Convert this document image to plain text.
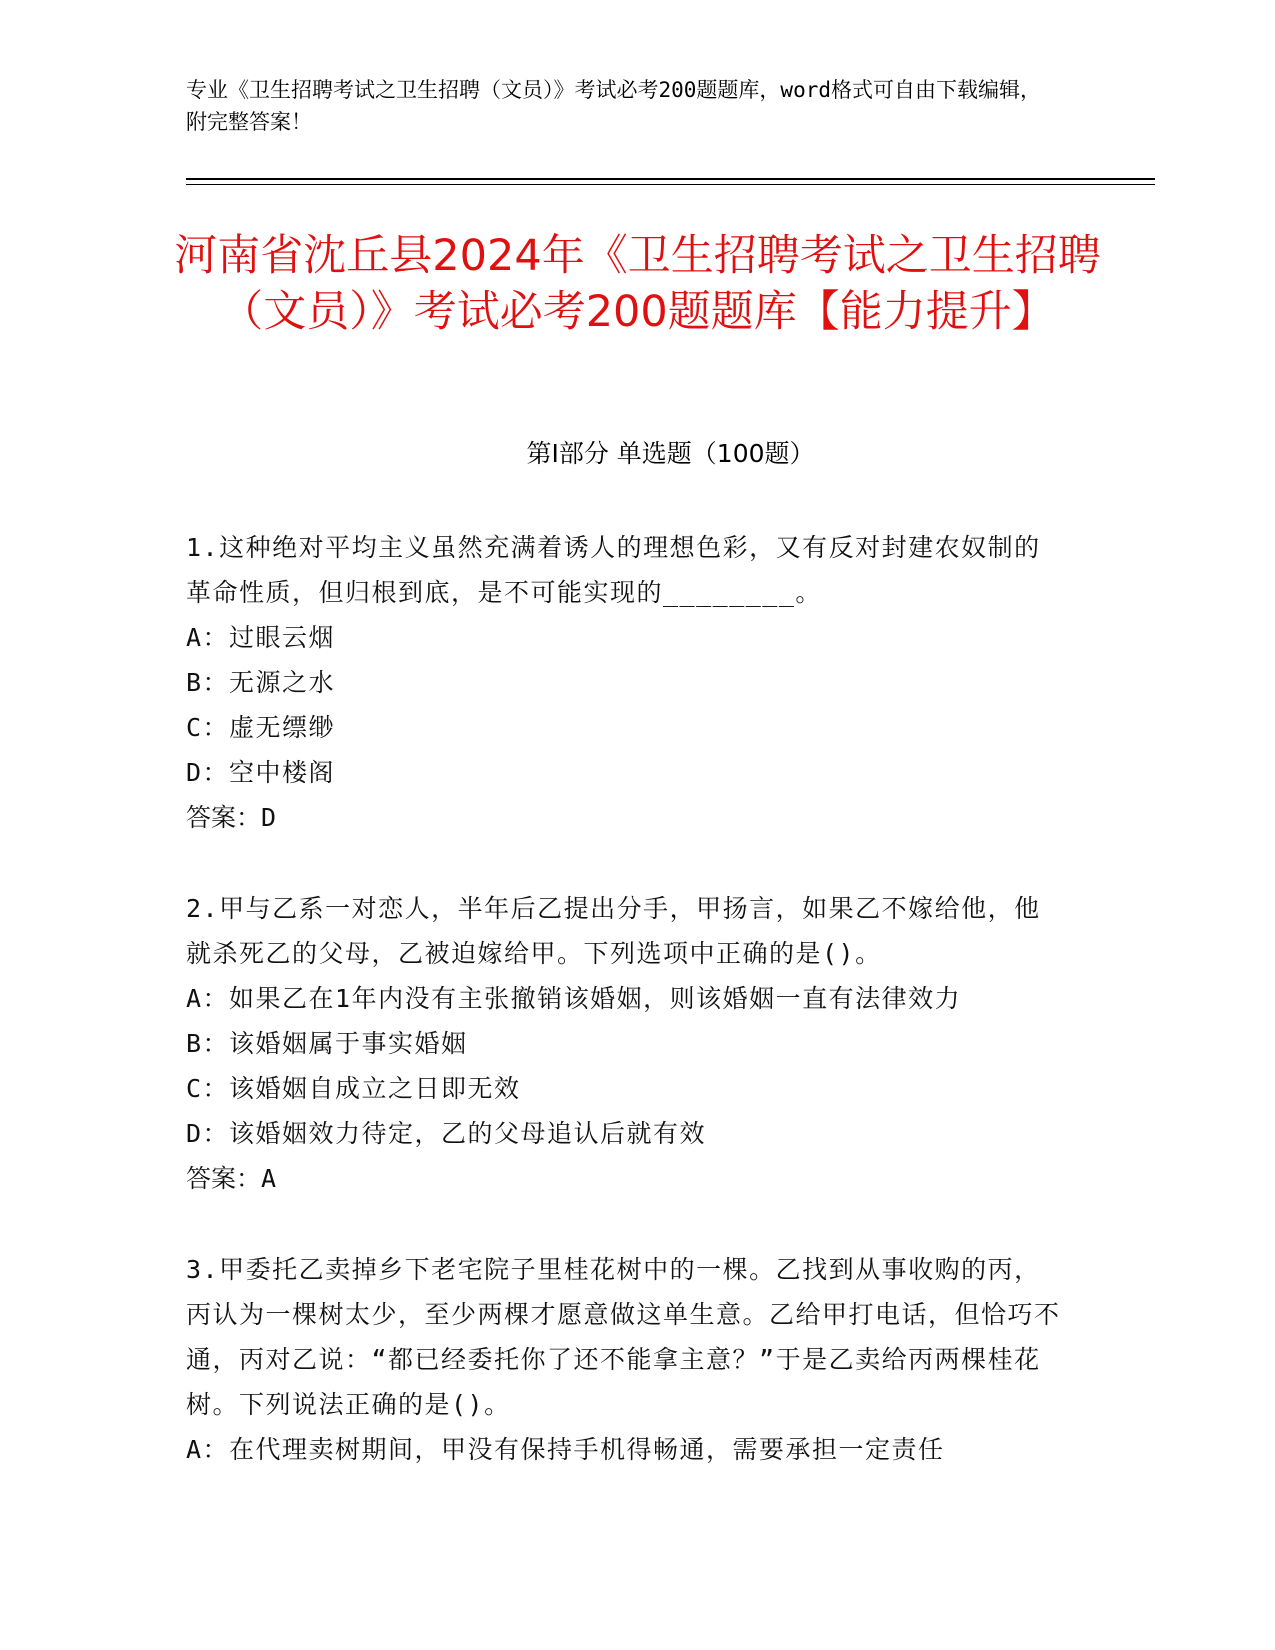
专业《卫生招聘考试之卫生招聘（文员）》考试必考200题题库，word格式可自由下载编辑，附完整答案！
河南省沈丘县2024年《卫生招聘考试之卫生招聘（文员）》考试必考200题题库【能力提升】
第Ⅰ部分 单选题（100题）

1.这种绝对平均主义虽然充满着诱人的理想色彩，又有反对封建农奴制的革命性质，但归根到底，是不可能实现的________。

A：过眼云烟

B：无源之水

C：虚无缥缈

D：空中楼阁

答案：D

2.甲与乙系一对恋人，半年后乙提出分手，甲扬言，如果乙不嫁给他，他就杀死乙的父母，乙被迫嫁给甲。下列选项中正确的是()。

A：如果乙在1年内没有主张撤销该婚姻，则该婚姻一直有法律效力

B：该婚姻属于事实婚姻

C：该婚姻自成立之日即无效

D：该婚姻效力待定，乙的父母追认后就有效

答案：A

3.甲委托乙卖掉乡下老宅院子里桂花树中的一棵。乙找到从事收购的丙，丙认为一棵树太少，至少两棵才愿意做这单生意。乙给甲打电话，但恰巧不通，丙对乙说：“都已经委托你了还不能拿主意？”于是乙卖给丙两棵桂花树。下列说法正确的是()。

A：在代理卖树期间，甲没有保持手机得畅通，需要承担一定责任
